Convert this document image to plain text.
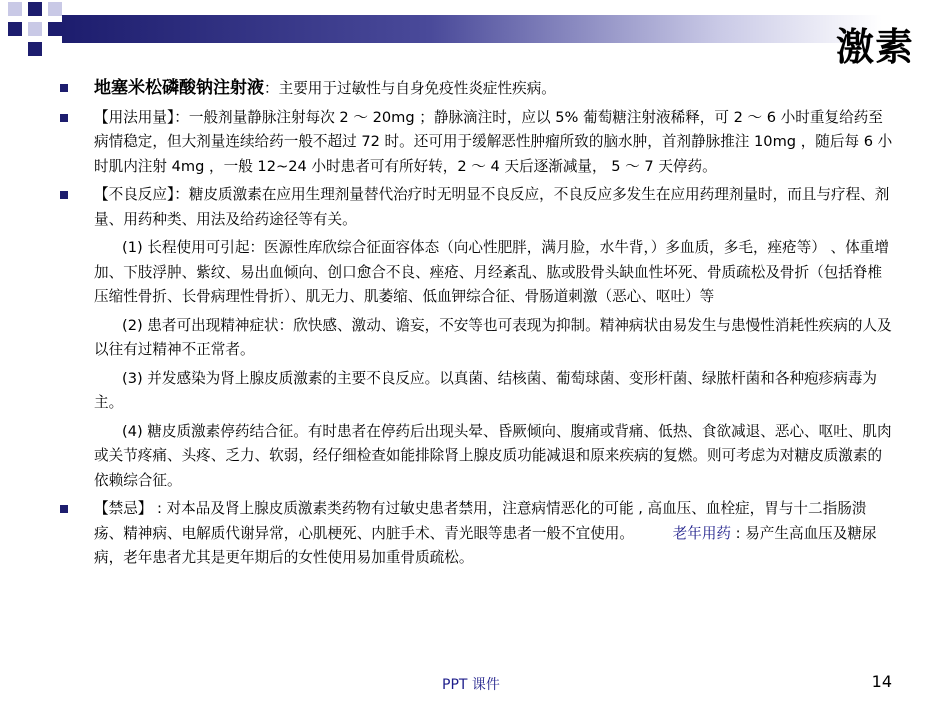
激素
地塞米松磷酸钠注射液：主要用于过敏性与自身免疫性炎症性疾病。
【用法用量】：一般剂量静脉注射每次 2 ～ 20mg ；静脉滴注时，应以 5% 葡萄糖注射液稀释，可 2 ～ 6 小时重复给药至病情稳定，但大剂量连续给药一般不超过 72 时。还可用于缓解恶性肿瘤所致的脑水肿，首剂静脉推注 10mg ，随后每 6 小时肌内注射 4mg ，一般 12~24 小时患者可有所好转，2 ～ 4 天后逐渐减量， 5 ～ 7 天停药。
【不良反应】：糖皮质激素在应用生理剂量替代治疗时无明显不良反应，不良反应多发生在应用药理剂量时，而且与疗程、剂量、用药种类、用法及给药途径等有关。
(1) 长程使用可引起：医源性库欣综合征面容体态（向心性肥胖，满月脸，水牛背，）多血质，多毛，痤疮等） 、体重增加、下肢浮肿、紫纹、易出血倾向、创口愈合不良、痤疮、月经紊乱、肱或股骨头缺血性坏死、骨质疏松及骨折（包括脊椎压缩性骨折、长骨病理性骨折）、肌无力、肌萎缩、低血钾综合征、骨肠道刺激（恶心、呕吐）等
(2) 患者可出现精神症状：欣快感、激动、谵妄，不安等也可表现为抑制。精神病状由易发生与患慢性消耗性疾病的人及以往有过精神不正常者。
(3) 并发感染为肾上腺皮质激素的主要不良反应。以真菌、结核菌、葡萄球菌、变形杆菌、绿脓杆菌和各种疱疹病毒为主。
(4) 糖皮质激素停药结合征。有时患者在停药后出现头晕、昏厥倾向、腹痛或背痛、低热、食欲减退、恶心、呕吐、肌肉或关节疼痛、头疼、乏力、软弱，经仔细检查如能排除肾上腺皮质功能减退和原来疾病的复燃。则可考虑为对糖皮质激素的依赖综合征。
【禁忌】 : 对本品及肾上腺皮质激素类药物有过敏史患者禁用，注意病情恶化的可能 , 高血压、血栓症，胃与十二指肠溃疡、精神病、电解质代谢异常，心肌梗死、内脏手术、青光眼等患者一般不宜使用。	老年用药 : 易产生高血压及糖尿病，老年患者尤其是更年期后的女性使用易加重骨质疏松。
PPT 课件	14
